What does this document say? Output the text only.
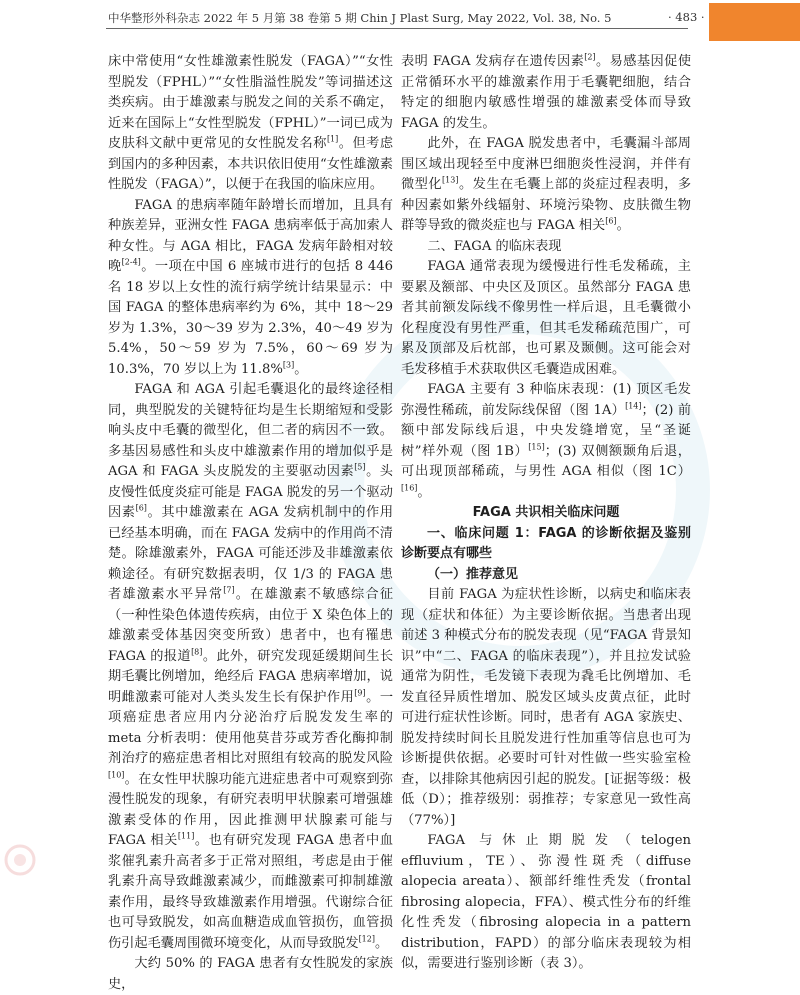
中华整形外科杂志 2022 年 5 月第 38 卷第 5 期 Chin J Plast Surg, May 2022, Vol. 38, No. 5	· 483 ·

床中常使用“女性雄激素性脱发（FAGA）”“女性型脱发（FPHL）”“女性脂溢性脱发”等词描述这类疾病。由于雄激素与脱发之间的关系不确定，近来在国际上“女性型脱发（FPHL）”一词已成为皮肤科文献中更常见的女性脱发名称[1]。但考虑到国内的多种因素，本共识依旧使用“女性雄激素性脱发（FAGA）”，以便于在我国的临床应用。

FAGA 的患病率随年龄增长而增加，且具有种族差异，亚洲女性 FAGA 患病率低于高加索人种女性。与 AGA 相比，FAGA 发病年龄相对较晚[2-4]。一项在中国 6 座城市进行的包括 8 446 名 18 岁以上女性的流行病学统计结果显示：中国 FAGA 的整体患病率约为 6%，其中 18～29 岁为 1.3%，30～39 岁为 2.3%，40～49 岁为 5.4%，50～59 岁为 7.5%，60～69 岁为 10.3%，70 岁以上为 11.8%[3]。

FAGA 和 AGA 引起毛囊退化的最终途径相同，典型脱发的关键特征均是生长期缩短和受影响头皮中毛囊的微型化，但二者的病因不一致。多基因易感性和头皮中雄激素作用的增加似乎是 AGA 和 FAGA 头皮脱发的主要驱动因素[5]。头皮慢性低度炎症可能是 FAGA 脱发的另一个驱动因素[6]。其中雄激素在 AGA 发病机制中的作用已经基本明确，而在 FAGA 发病中的作用尚不清楚。除雄激素外，FAGA 可能还涉及非雄激素依赖途径。有研究数据表明，仅 1/3 的 FAGA 患者雄激素水平异常[7]。在雄激素不敏感综合征（一种性染色体遗传疾病，由位于 X 染色体上的雄激素受体基因突变所致）患者中，也有罹患 FAGA 的报道[8]。此外，研究发现延缓期间生长期毛囊比例增加，绝经后 FAGA 患病率增加，说明雌激素可能对人类头发生长有保护作用[9]。一项癌症患者应用内分泌治疗后脱发发生率的 meta 分析表明：使用他莫昔芬或芳香化酶抑制剂治疗的癌症患者相比对照组有较高的脱发风险[10]。在女性甲状腺功能亢进症患者中可观察到弥漫性脱发的现象，有研究表明甲状腺素可增强雄激素受体的作用，因此推测甲状腺素可能与 FAGA 相关[11]。也有研究发现 FAGA 患者中血浆催乳素升高者多于正常对照组，考虑是由于催乳素升高导致雌激素减少，而雌激素可抑制雄激素作用，最终导致雄激素作用增强。代谢综合征也可导致脱发，如高血糖造成血管损伤，血管损伤引起毛囊周围微环境变化，从而导致脱发[12]。

大约 50% 的 FAGA 患者有女性脱发的家族史，

表明 FAGA 发病存在遗传因素[2]。易感基因促使正常循环水平的雄激素作用于毛囊靶细胞，结合特定的细胞内敏感性增强的雄激素受体而导致 FAGA 的发生。

此外，在 FAGA 脱发患者中，毛囊漏斗部周围区域出现轻至中度淋巴细胞炎性浸润，并伴有微型化[13]。发生在毛囊上部的炎症过程表明，多种因素如紫外线辐射、环境污染物、皮肤微生物群等导致的微炎症也与 FAGA 相关[6]。

二、FAGA 的临床表现

FAGA 通常表现为缓慢进行性毛发稀疏，主要累及额部、中央区及顶区。虽然部分 FAGA 患者其前额发际线不像男性一样后退，且毛囊微小化程度没有男性严重，但其毛发稀疏范围广，可累及顶部及后枕部，也可累及颞侧。这可能会对毛发移植手术获取供区毛囊造成困难。

FAGA 主要有 3 种临床表现：(1) 顶区毛发弥漫性稀疏，前发际线保留（图 1A）[14]；(2) 前额中部发际线后退，中央发缝增宽，呈“圣诞树”样外观（图 1B）[15]；(3) 双侧额颞角后退，可出现顶部稀疏，与男性 AGA 相似（图 1C）[16]。

FAGA 共识相关临床问题

一、临床问题 1：FAGA 的诊断依据及鉴别诊断要点有哪些

（一）推荐意见

目前 FAGA 为症状性诊断，以病史和临床表现（症状和体征）为主要诊断依据。当患者出现前述 3 种模式分布的脱发表现（见“FAGA 背景知识”中“二、FAGA 的临床表现”），并且拉发试验通常为阴性，毛发镜下表现为毳毛比例增加、毛发直径异质性增加、脱发区域头皮黄点征，此时可进行症状性诊断。同时，患者有 AGA 家族史、脱发持续时间长且脱发进行性加重等信息也可为诊断提供依据。必要时可针对性做一些实验室检查，以排除其他病因引起的脱发。[证据等级：极低（D）；推荐级别：弱推荐；专家意见一致性高（77%）]

FAGA 与休止期脱发（telogen effluvium，TE）、弥漫性斑秃（diffuse alopecia areata）、额部纤维性秃发（frontal fibrosing alopecia，FFA）、模式性分布的纤维化性秃发（fibrosing alopecia in a pattern distribution，FAPD）的部分临床表现较为相似，需要进行鉴别诊断（表 3）。
